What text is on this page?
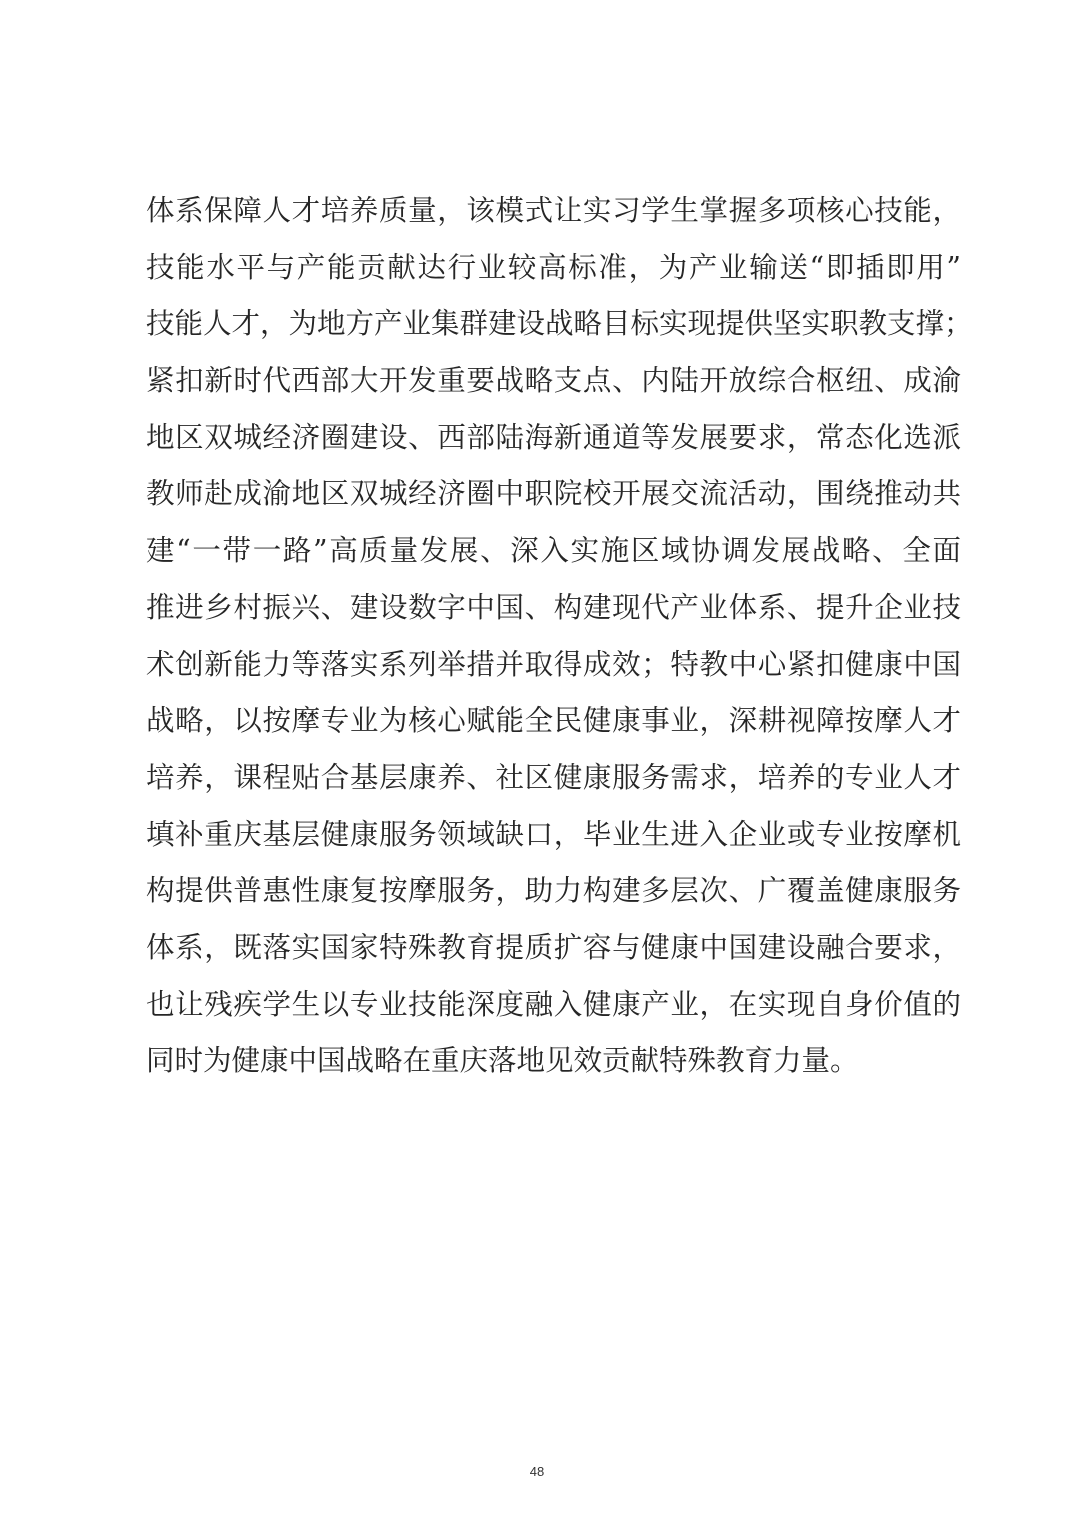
体系保障人才培养质量，该模式让实习学生掌握多项核心技能，
技能水平与产能贡献达行业较高标准，为产业输送“即插即用”
技能人才，为地方产业集群建设战略目标实现提供坚实职教支撑；
紧扣新时代西部大开发重要战略支点、内陆开放综合枢纽、成渝
地区双城经济圈建设、西部陆海新通道等发展要求，常态化选派
教师赴成渝地区双城经济圈中职院校开展交流活动，围绕推动共
建“一带一路”高质量发展、深入实施区域协调发展战略、全面
推进乡村振兴、建设数字中国、构建现代产业体系、提升企业技
术创新能力等落实系列举措并取得成效；特教中心紧扣健康中国
战略，以按摩专业为核心赋能全民健康事业，深耕视障按摩人才
培养，课程贴合基层康养、社区健康服务需求，培养的专业人才
填补重庆基层健康服务领域缺口，毕业生进入企业或专业按摩机
构提供普惠性康复按摩服务，助力构建多层次、广覆盖健康服务
体系，既落实国家特殊教育提质扩容与健康中国建设融合要求，
也让残疾学生以专业技能深度融入健康产业，在实现自身价值的
同时为健康中国战略在重庆落地见效贡献特殊教育力量。
48
